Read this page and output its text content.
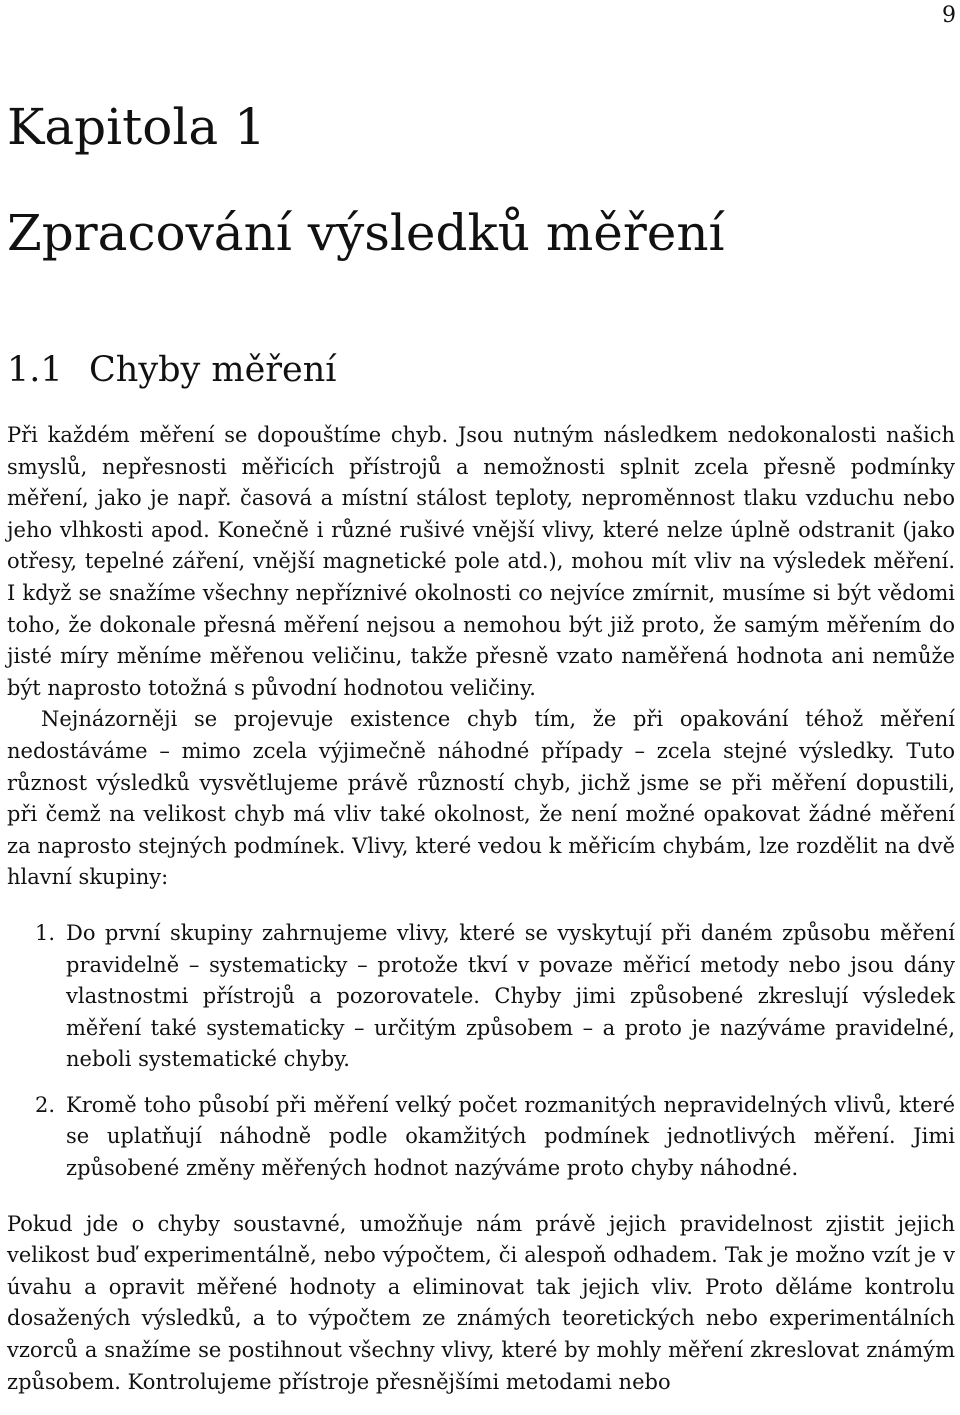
9
Kapitola 1
Zpracování výsledků měření
1.1 Chyby měření

Při každém měření se dopouštíme chyb. Jsou nutným následkem nedokonalosti našich smyslů, nepřesnosti měřicích přístrojů a nemožnosti splnit zcela přesně podmínky měření, jako je např. časová a místní stálost teploty, neproměnnost tlaku vzduchu nebo jeho vlhkosti apod. Konečně i různé rušivé vnější vlivy, které nelze úplně odstranit (jako otřesy, tepelné záření, vnější magnetické pole atd.), mohou mít vliv na výsledek měření. I když se snažíme všechny nepříznivé okolnosti co nejvíce zmírnit, musíme si být vědomi toho, že dokonale přesná měření nejsou a nemohou být již proto, že samým měřením do jisté míry měníme měřenou veličinu, takže přesně vzato naměřená hodnota ani nemůže být naprosto totožná s původní hodnotou veličiny.

Nejnázorněji se projevuje existence chyb tím, že při opakování téhož měření nedostáváme – mimo zcela výjimečně náhodné případy – zcela stejné výsledky. Tuto různost výsledků vysvětlujeme právě růzností chyb, jichž jsme se při měření dopustili, při čemž na velikost chyb má vliv také okolnost, že není možné opakovat žádné měření za naprosto stejných podmínek. Vlivy, které vedou k měřicím chybám, lze rozdělit na dvě hlavní skupiny:

1. Do první skupiny zahrnujeme vlivy, které se vyskytují při daném způsobu měření pravidelně – systematicky – protože tkví v povaze měřicí metody nebo jsou dány vlastnostmi přístrojů a pozorovatele. Chyby jimi způsobené zkreslují výsledek měření také systematicky – určitým způsobem – a proto je nazýváme pravidelné, neboli systematické chyby.
2. Kromě toho působí při měření velký počet rozmanitých nepravidelných vlivů, které se uplatňují náhodně podle okamžitých podmínek jednotlivých měření. Jimi způsobené změny měřených hodnot nazýváme proto chyby náhodné.

Pokud jde o chyby soustavné, umožňuje nám právě jejich pravidelnost zjistit jejich velikost buď experimentálně, nebo výpočtem, či alespoň odhadem. Tak je možno vzít je v úvahu a opravit měřené hodnoty a eliminovat tak jejich vliv. Proto děláme kontrolu dosažených výsledků, a to výpočtem ze známých teoretických nebo experimentálních vzorců a snažíme se postihnout všechny vlivy, které by mohly měření zkreslovat známým způsobem. Kontrolujeme přístroje přesnějšími metodami nebo
